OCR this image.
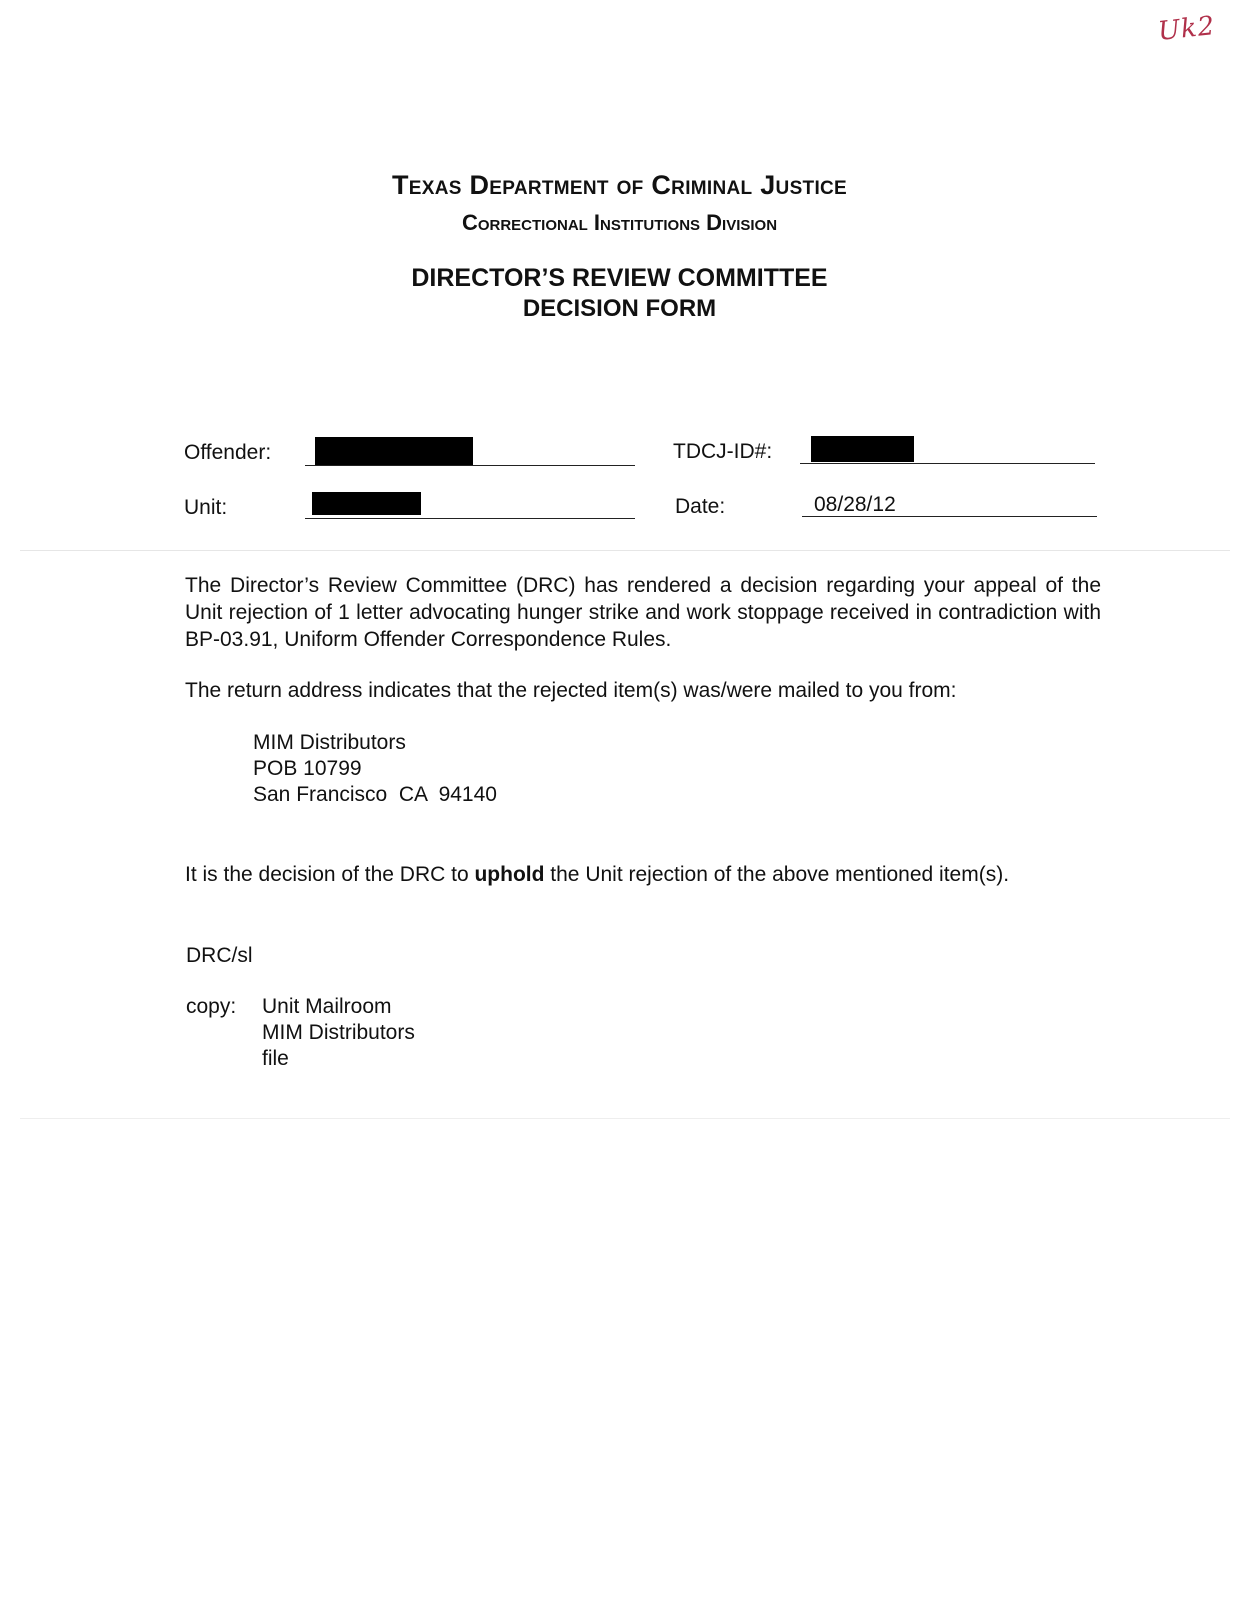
Uk2
Texas Department of Criminal Justice
Correctional Institutions Division
DIRECTOR’S REVIEW COMMITTEE
DECISION FORM
Offender:	TDCJ-ID#:
Unit:	Date:	08/28/12
The Director’s Review Committee (DRC) has rendered a decision regarding your appeal of the Unit rejection of 1 letter advocating hunger strike and work stoppage received in contradiction with BP-03.91, Uniform Offender Correspondence Rules.
The return address indicates that the rejected item(s) was/were mailed to you from:
MIM Distributors
POB 10799
San Francisco  CA  94140
It is the decision of the DRC to uphold the Unit rejection of the above mentioned item(s).
DRC/sl
copy: Unit Mailroom
MIM Distributors
file
